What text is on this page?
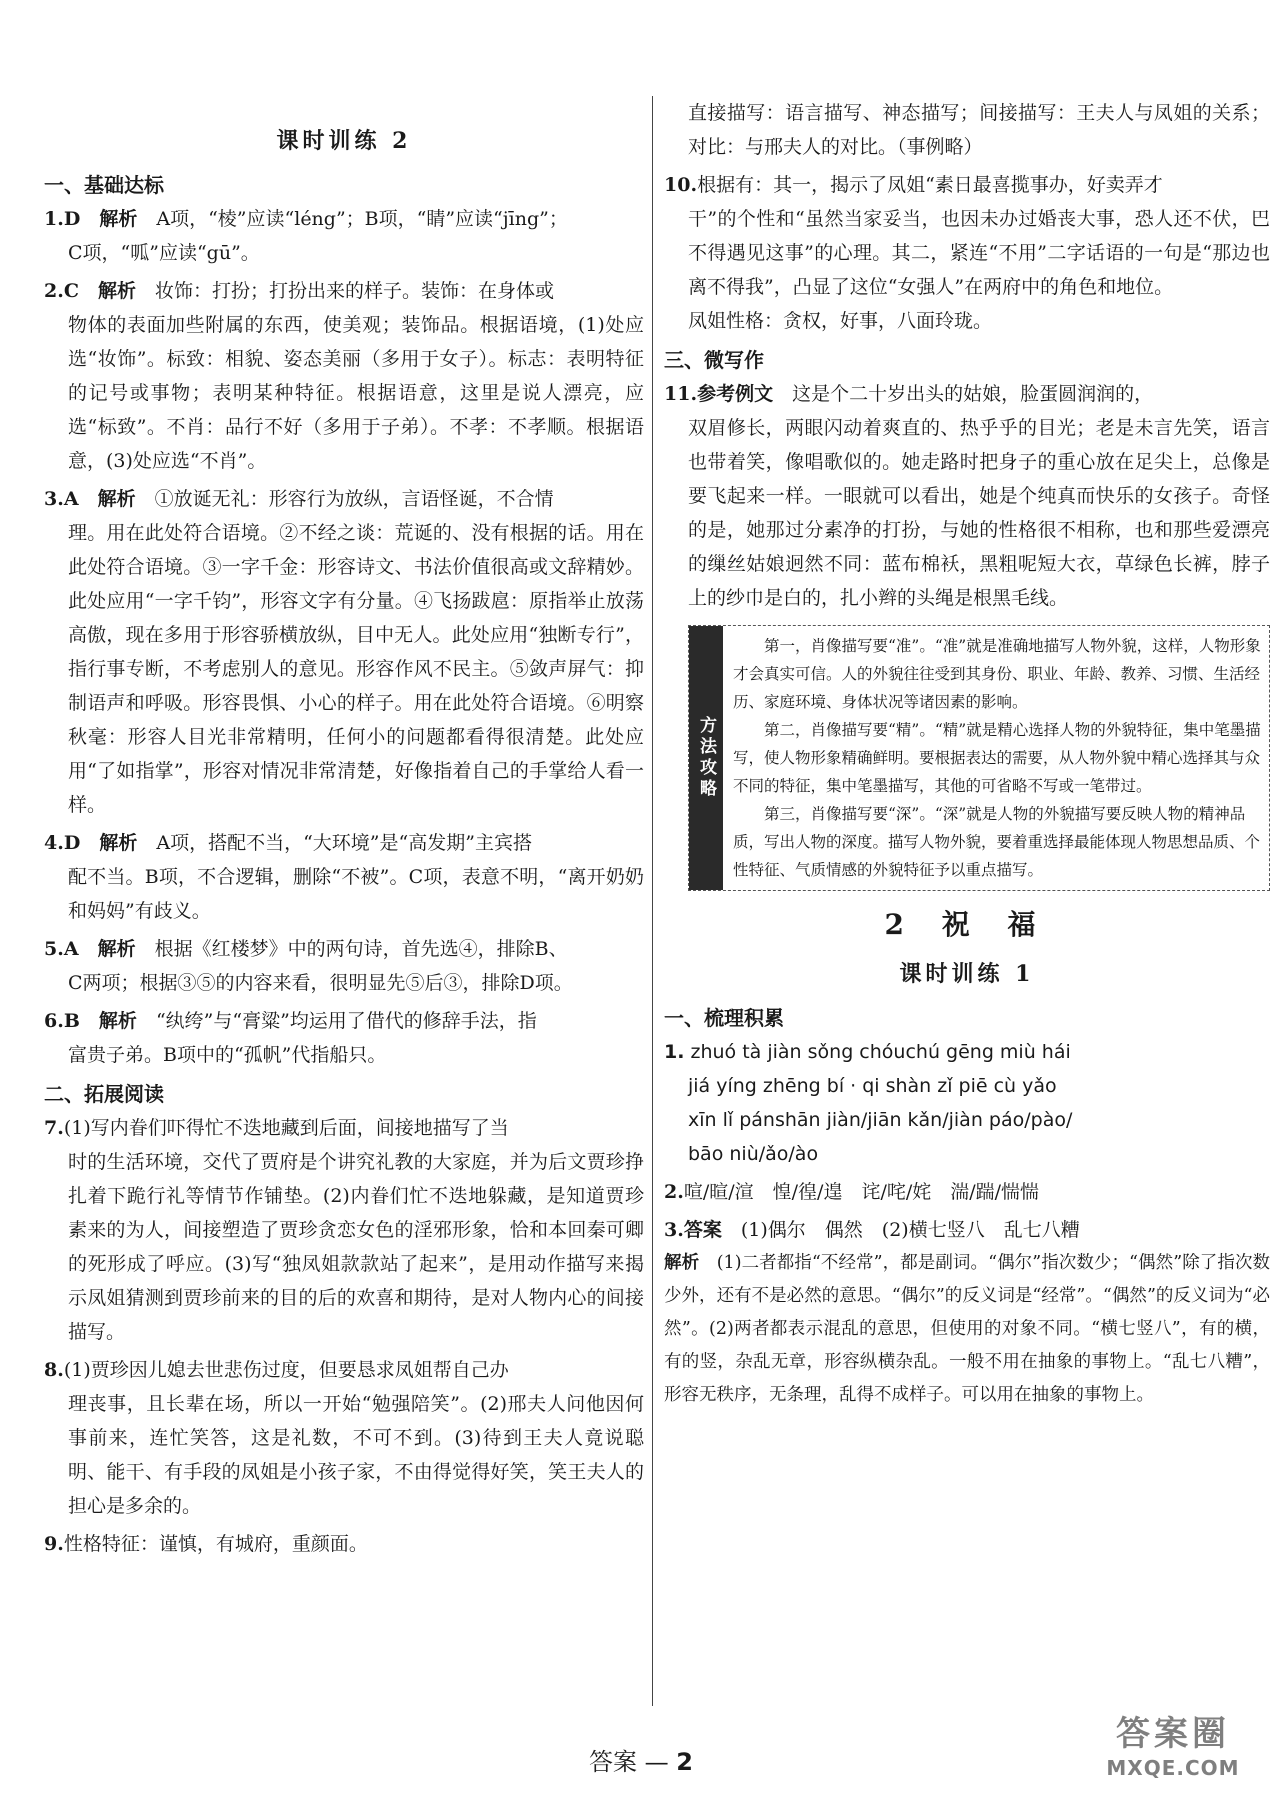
课时训练 2
一、基础达标
1.D　 解析　 A项，“棱”应读“léng”；B项，“睛”应读“jīng”；
C项，“呱”应读“gū”。
2.C　 解析　 妆饰：打扮；打扮出来的样子。装饰：在身体或
物体的表面加些附属的东西，使美观；装饰品。根据语境，(1)处应选“妆饰”。标致：相貌、姿态美丽（多用于女子）。标志：表明特征的记号或事物；表明某种特征。根据语意，这里是说人漂亮，应选“标致”。不肖：品行不好（多用于子弟）。不孝：不孝顺。根据语意，(3)处应选“不肖”。
3.A　 解析　 ①放诞无礼：形容行为放纵，言语怪诞，不合情
理。用在此处符合语境。②不经之谈：荒诞的、没有根据的话。用在此处符合语境。③一字千金：形容诗文、书法价值很高或文辞精妙。此处应用“一字千钧”，形容文字有分量。④飞扬跋扈：原指举止放荡高傲，现在多用于形容骄横放纵，目中无人。此处应用“独断专行”，指行事专断，不考虑别人的意见。形容作风不民主。⑤敛声屏气：抑制语声和呼吸。形容畏惧、小心的样子。用在此处符合语境。⑥明察秋毫：形容人目光非常精明，任何小的问题都看得很清楚。此处应用“了如指掌”，形容对情况非常清楚，好像指着自己的手掌给人看一样。
4.D　 解析　 A项，搭配不当，“大环境”是“高发期”主宾搭
配不当。B项，不合逻辑，删除“不被”。C项，表意不明，“离开奶奶和妈妈”有歧义。
5.A　 解析　 根据《红楼梦》中的两句诗，首先选④，排除B、
C两项；根据③⑤的内容来看，很明显先⑤后③，排除D项。
6.B　 解析　 “纨绔”与“膏粱”均运用了借代的修辞手法，指
富贵子弟。B项中的“孤帆”代指船只。
二、拓展阅读
7.(1)写内眷们吓得忙不迭地藏到后面，间接地描写了当
时的生活环境，交代了贾府是个讲究礼教的大家庭，并为后文贾珍挣扎着下跪行礼等情节作铺垫。(2)内眷们忙不迭地躲藏，是知道贾珍素来的为人，间接塑造了贾珍贪恋女色的淫邪形象，恰和本回秦可卿的死形成了呼应。(3)写“独凤姐款款站了起来”，是用动作描写来揭示凤姐猜测到贾珍前来的目的后的欢喜和期待，是对人物内心的间接描写。
8.(1)贾珍因儿媳去世悲伤过度，但要恳求凤姐帮自己办
理丧事，且长辈在场，所以一开始“勉强陪笑”。(2)邢夫人问他因何事前来，连忙笑答，这是礼数，不可不到。(3)待到王夫人竟说聪明、能干、有手段的凤姐是小孩子家，不由得觉得好笑，笑王夫人的担心是多余的。
9.性格特征：谨慎，有城府，重颜面。
直接描写：语言描写、神态描写；间接描写：王夫人与凤姐的关系；对比：与邢夫人的对比。（事例略）
10.根据有：其一，揭示了凤姐“素日最喜揽事办，好卖弄才
干”的个性和“虽然当家妥当，也因未办过婚丧大事，恐人还不伏，巴不得遇见这事”的心理。其二，紧连“不用”二字话语的一句是“那边也离不得我”，凸显了这位“女强人”在两府中的角色和地位。
凤姐性格：贪权，好事，八面玲珑。
三、微写作
11.参考例文　 这是个二十岁出头的姑娘，脸蛋圆润润的，
双眉修长，两眼闪动着爽直的、热乎乎的目光；老是未言先笑，语言也带着笑，像唱歌似的。她走路时把身子的重心放在足尖上，总像是要飞起来一样。一眼就可以看出，她是个纯真而快乐的女孩子。奇怪的是，她那过分素净的打扮，与她的性格很不相称，也和那些爱漂亮的缫丝姑娘迥然不同：蓝布棉袄，黑粗呢短大衣，草绿色长裤，脖子上的纱巾是白的，扎小辫的头绳是根黑毛线。
方法攻略

第一，肖像描写要“准”。“准”就是准确地描写人物外貌，这样，人物形象才会真实可信。人的外貌往往受到其身份、职业、年龄、教养、习惯、生活经历、家庭环境、身体状况等诸因素的影响。

第二，肖像描写要“精”。“精”就是精心选择人物的外貌特征，集中笔墨描写，使人物形象精确鲜明。要根据表达的需要，从人物外貌中精心选择其与众不同的特征，集中笔墨描写，其他的可省略不写或一笔带过。

第三，肖像描写要“深”。“深”就是人物的外貌描写要反映人物的精神品质，写出人物的深度。描写人物外貌，要着重选择最能体现人物思想品质、个性特征、气质情感的外貌特征予以重点描写。

2 祝 福
课时训练 1
一、梳理积累
1. zhuó tà jiàn sǒng chóuchú gēng miù hái
jiá yíng zhēng bí · qi shàn zǐ piē cù yǎo
xīn lǐ pánshān jiàn/jiān kǎn/jiàn páo/pào/
bāo niù/ǎo/ào
2.喧/暄/渲　惶/徨/遑　诧/咤/姹　湍/踹/惴惴
3.答案　 (1)偶尔　偶然　(2)横七竖八　乱七八糟
解析　 (1)二者都指“不经常”，都是副词。“偶尔”指次数少；“偶然”除了指次数少外，还有不是必然的意思。“偶尔”的反义词是“经常”。“偶然”的反义词为“必然”。(2)两者都表示混乱的意思，但使用的对象不同。“横七竖八”，有的横，有的竖，杂乱无章，形容纵横杂乱。一般不用在抽象的事物上。“乱七八糟”，形容无秩序，无条理，乱得不成样子。可以用在抽象的事物上。
答案 — 2
答案圈
MXQE.COM
